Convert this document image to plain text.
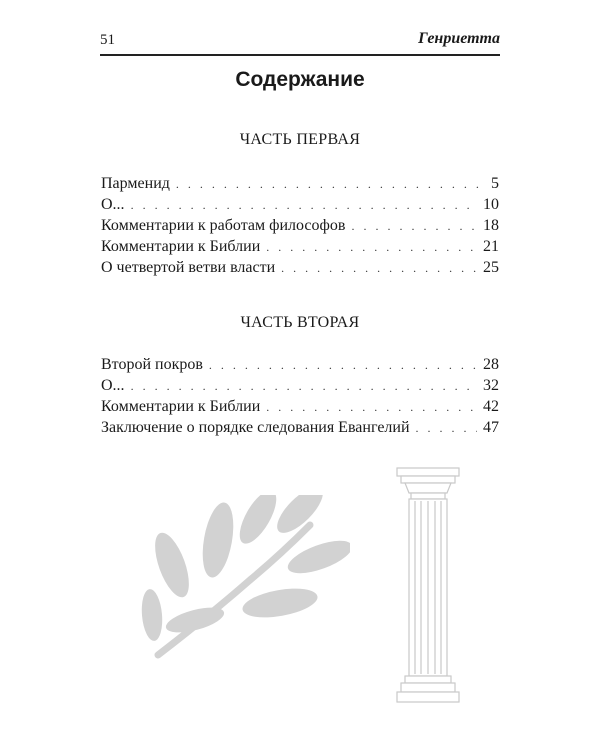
51	Генриетта
Содержание
ЧАСТЬ ПЕРВАЯ
Парменид . . .	5
О... . . .	10
Комментарии к работам философов . . .	18
Комментарии к Библии . . .	21
О четвертой ветви власти . . .	25
ЧАСТЬ ВТОРАЯ
Второй покров . . .	28
О... . . .	32
Комментарии к Библии . . .	42
Заключение о порядке следования Евангелий . . .	47
